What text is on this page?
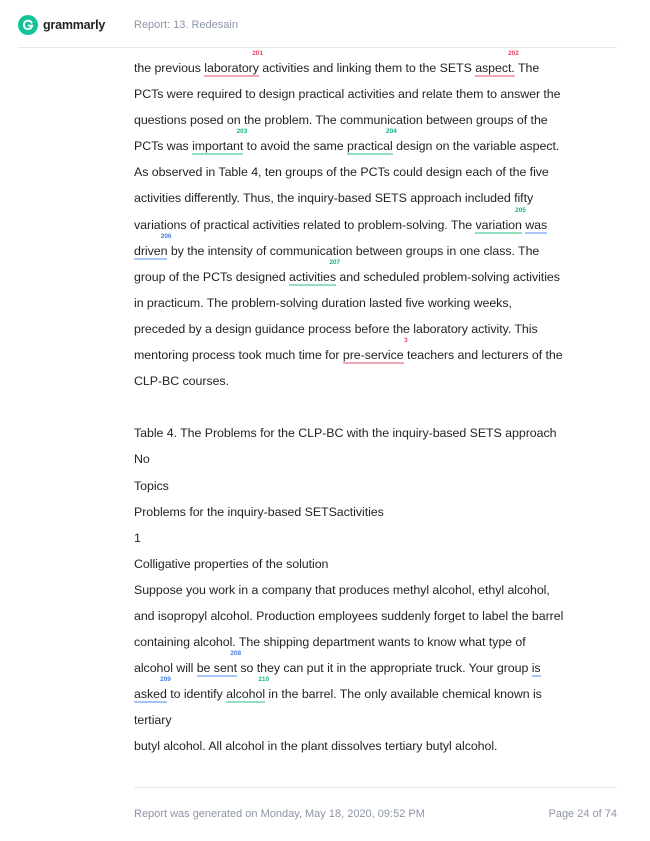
grammarly	Report: 13. Redesain
the previous laboratory
201
activities and linking them to the SETS aspect.
202
The
PCTs were required to design practical activities and relate them to answer the
questions posed on the problem. The communication between groups of the
PCTs was important
203
to avoid the same practical
204
design on the variable aspect.
As observed in Table 4, ten groups of the PCTs could design each of the five
activities differently. Thus, the inquiry-based SETS approach included fifty
variations of practical activities related to problem-solving. The variation
205
was
driven
206
by the intensity of communication between groups in one class. The
group of the PCTs designed activities
207
and scheduled problem-solving activities
in practicum. The problem-solving duration lasted five working weeks,
preceded by a design guidance process before the laboratory activity. This
mentoring process took much time for pre-service
3
teachers and lecturers of the
CLP-BC courses.
Table 4. The Problems for the CLP-BC with the inquiry-based SETS approach
No
Topics
Problems for the inquiry-based SETSactivities
1
Colligative properties of the solution
Suppose you work in a company that produces methyl alcohol, ethyl alcohol,
and isopropyl alcohol. Production employees suddenly forget to label the barrel
containing alcohol. The shipping department wants to know what type of
alcohol will be sent
208
so they can put it in the appropriate truck. Your group is
asked
209
to identify alcohol
210
in the barrel. The only available chemical known is
tertiary
butyl alcohol. All alcohol in the plant dissolves tertiary butyl alcohol.
Report was generated on Monday, May 18, 2020, 09:52 PM	Page 24 of 74
